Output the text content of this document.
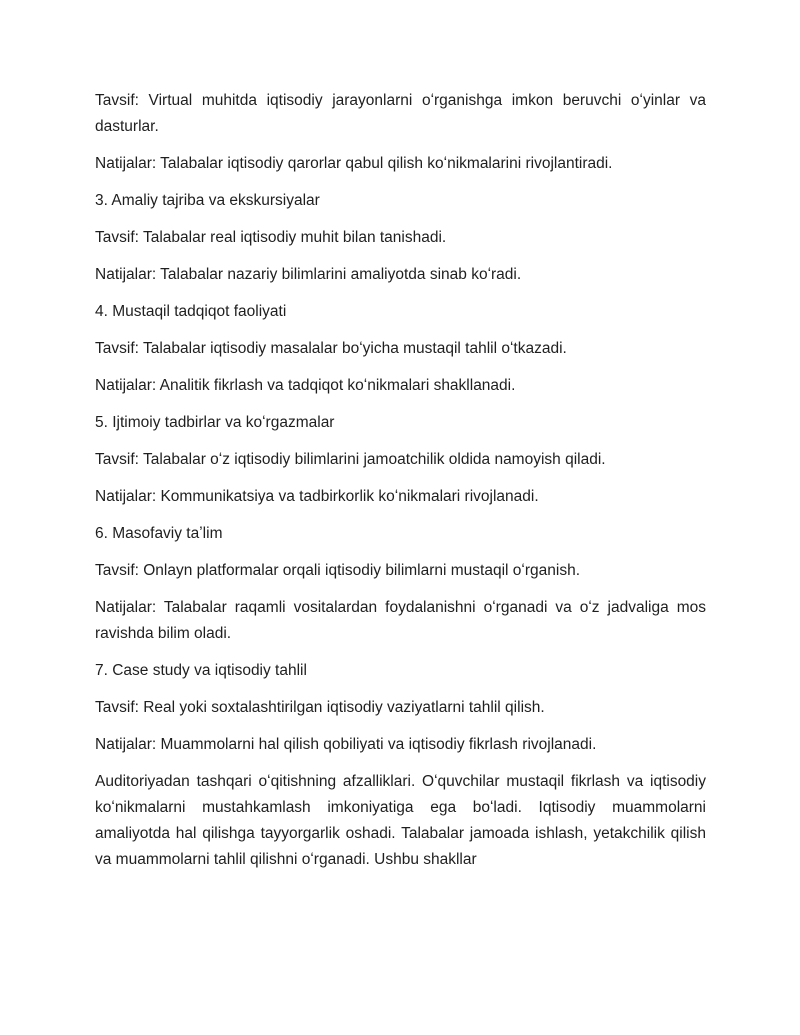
Tavsif: Virtual muhitda iqtisodiy jarayonlarni oʻrganishga imkon beruvchi oʻyinlar va dasturlar.

Natijalar: Talabalar iqtisodiy qarorlar qabul qilish koʻnikmalarini rivojlantiradi.

3. Amaliy tajriba va ekskursiyalar

Tavsif: Talabalar real iqtisodiy muhit bilan tanishadi.

Natijalar: Talabalar nazariy bilimlarini amaliyotda sinab koʻradi.

4. Mustaqil tadqiqot faoliyati

Tavsif: Talabalar iqtisodiy masalalar boʻyicha mustaqil tahlil oʻtkazadi.

Natijalar: Analitik fikrlash va tadqiqot koʻnikmalari shakllanadi.

5. Ijtimoiy tadbirlar va koʻrgazmalar

Tavsif: Talabalar oʻz iqtisodiy bilimlarini jamoatchilik oldida namoyish qiladi.

Natijalar: Kommunikatsiya va tadbirkorlik koʻnikmalari rivojlanadi.

6. Masofaviy taʼlim

Tavsif: Onlayn platformalar orqali iqtisodiy bilimlarni mustaqil oʻrganish.

Natijalar: Talabalar raqamli vositalardan foydalanishni oʻrganadi va oʻz jadvaliga mos ravishda bilim oladi.

7. Case study va iqtisodiy tahlil

Tavsif: Real yoki soxtalashtirilgan iqtisodiy vaziyatlarni tahlil qilish.

Natijalar: Muammolarni hal qilish qobiliyati va iqtisodiy fikrlash rivojlanadi.

Auditoriyadan tashqari oʻqitishning afzalliklari. Oʻquvchilar mustaqil fikrlash va iqtisodiy koʻnikmalarni mustahkamlash imkoniyatiga ega boʻladi. Iqtisodiy muammolarni amaliyotda hal qilishga tayyorgarlik oshadi. Talabalar jamoada ishlash, yetakchilik qilish va muammolarni tahlil qilishni oʻrganadi. Ushbu shakllar
